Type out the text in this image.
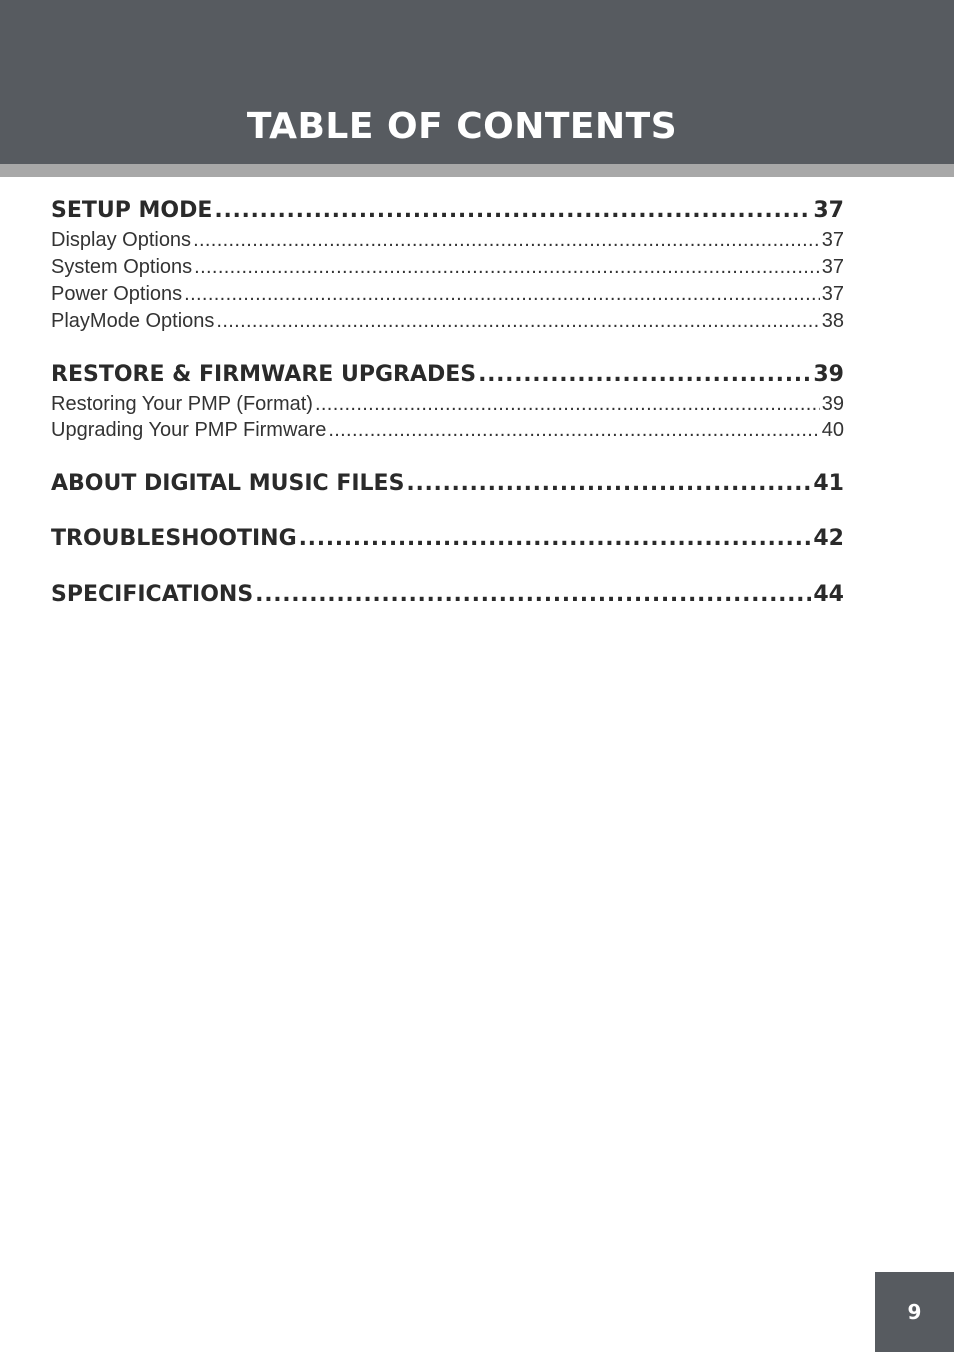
TABLE OF CONTENTS
SETUP MODE . . .	37
Display Options . . .	37
System Options . . .	37
Power Options . . .	37
PlayMode Options . . .	38
RESTORE & FIRMWARE UPGRADES . . .	39
Restoring Your PMP (Format) . . .	39
Upgrading Your PMP Firmware . . .	40
ABOUT DIGITAL MUSIC FILES . . .	41
TROUBLESHOOTING . . .	42
SPECIFICATIONS . . .	44
9
